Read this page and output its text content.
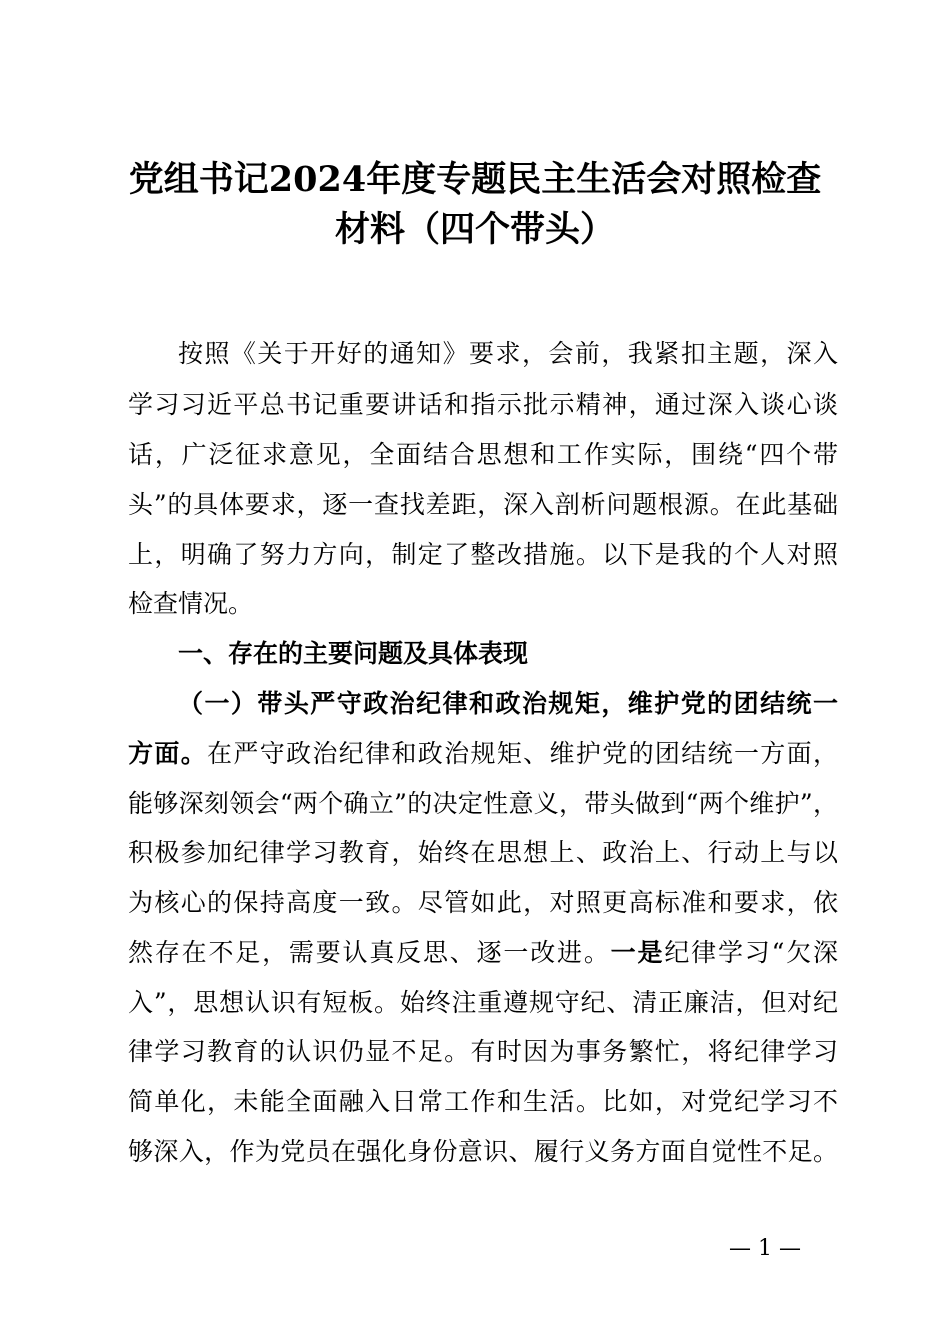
党组书记2024年度专题民主生活会对照检查
材料（四个带头）
按照《关于开好的通知》要求，会前，我紧扣主题，深入
学习习近平总书记重要讲话和指示批示精神，通过深入谈心谈
话，广泛征求意见，全面结合思想和工作实际，围绕“四个带
头”的具体要求，逐一查找差距，深入剖析问题根源。在此基础
上，明确了努力方向，制定了整改措施。以下是我的个人对照
检查情况。
一、存在的主要问题及具体表现
（一）带头严守政治纪律和政治规矩，维护党的团结统一
方面。在严守政治纪律和政治规矩、维护党的团结统一方面，
能够深刻领会“两个确立”的决定性意义，带头做到“两个维护”，
积极参加纪律学习教育，始终在思想上、政治上、行动上与以
为核心的保持高度一致。尽管如此，对照更高标准和要求，依
然存在不足，需要认真反思、逐一改进。一是纪律学习“欠深
入”，思想认识有短板。始终注重遵规守纪、清正廉洁，但对纪
律学习教育的认识仍显不足。有时因为事务繁忙，将纪律学习
简单化，未能全面融入日常工作和生活。比如，对党纪学习不
够深入，作为党员在强化身份意识、履行义务方面自觉性不足。
— 1 —
